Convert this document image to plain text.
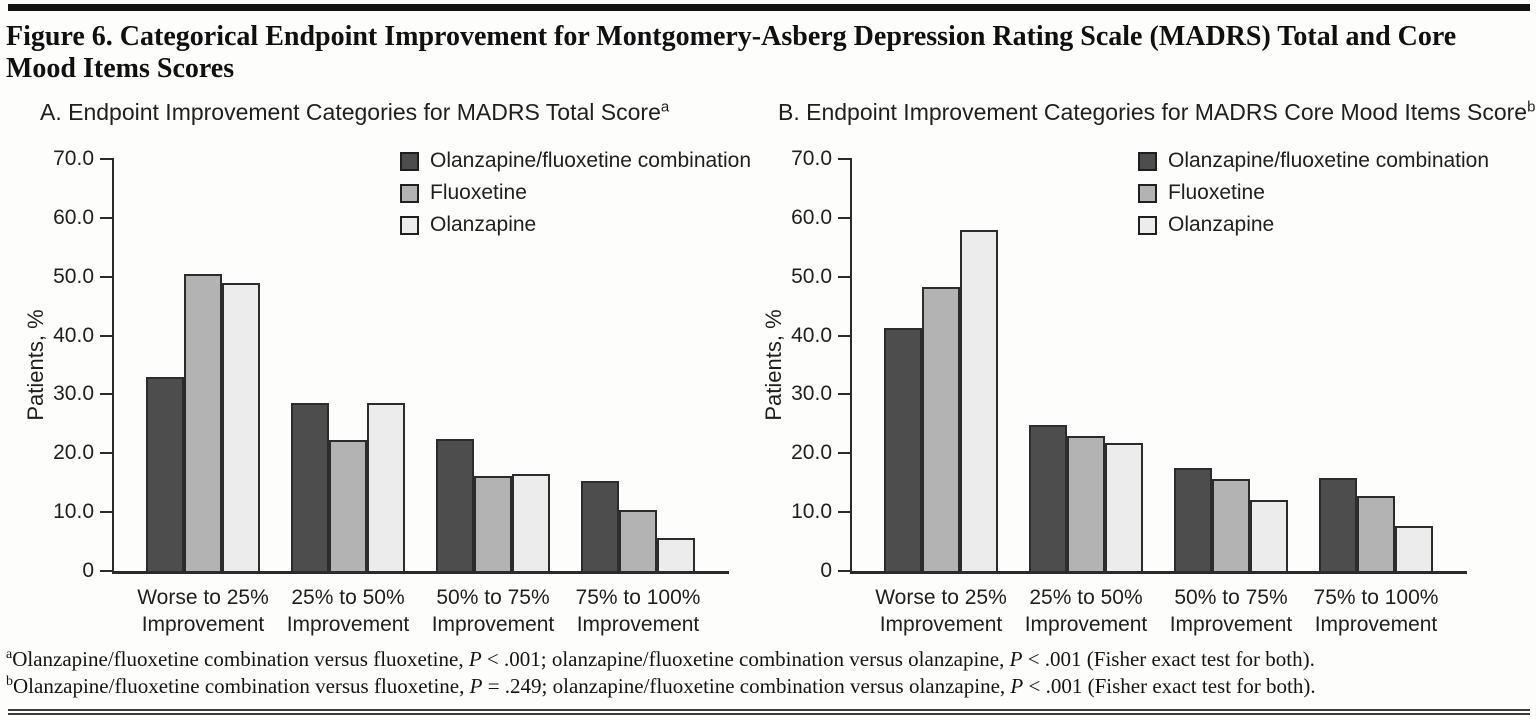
Figure 6. Categorical Endpoint Improvement for Montgomery-Asberg Depression Rating Scale (MADRS) Total and Core Mood Items Scores
A. Endpoint Improvement Categories for MADRS Total Score$^a$
Patients, %
70.0
60.0
50.0
40.0
30.0
20.0
10.0
0
Olanzapine/fluoxetine combination
Fluoxetine
Olanzapine
Worse to 25%
Improvement
25% to 50%
Improvement
50% to 75%
Improvement
75% to 100%
Improvement
B. Endpoint Improvement Categories for MADRS Core Mood Items Score$^b$
Patients, %
70.0
60.0
50.0
40.0
30.0
20.0
10.0
0
Olanzapine/fluoxetine combination
Fluoxetine
Olanzapine
Worse to 25%
Improvement
25% to 50%
Improvement
50% to 75%
Improvement
75% to 100%
Improvement
$^a$Olanzapine/fluoxetine combination versus fluoxetine, P < .001; olanzapine/fluoxetine combination versus olanzapine, P < .001 (Fisher exact test for both).
$^b$Olanzapine/fluoxetine combination versus fluoxetine, P = .249; olanzapine/fluoxetine combination versus olanzapine, P < .001 (Fisher exact test for both).
